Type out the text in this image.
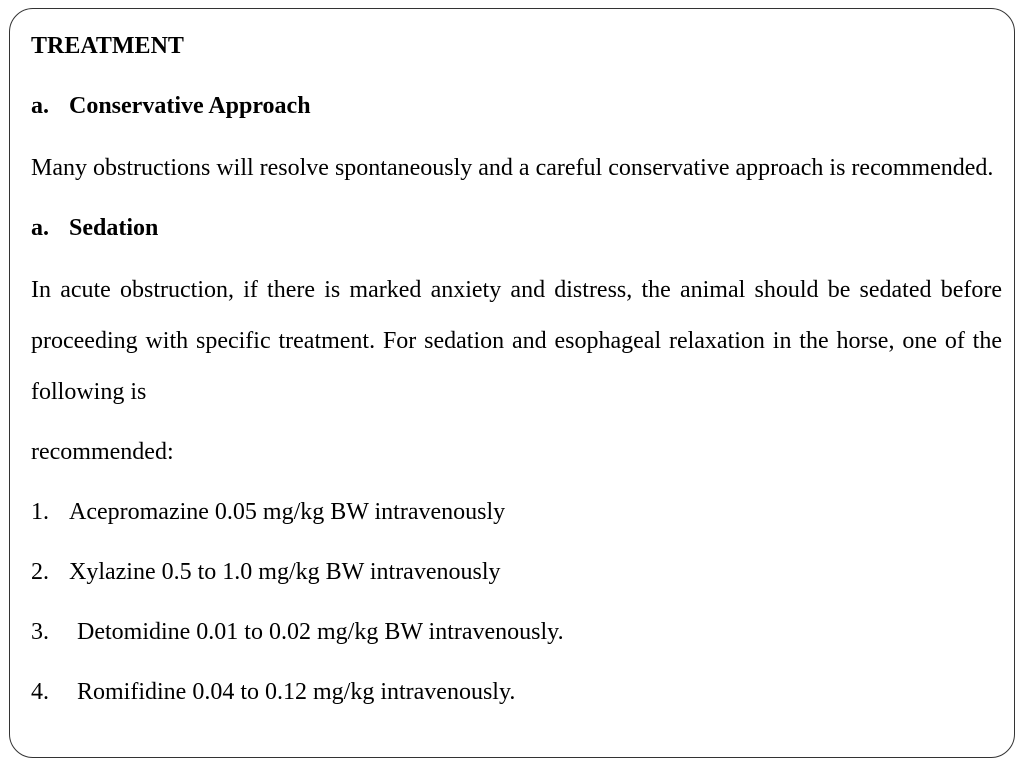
TREATMENT
a. Conservative Approach
Many obstructions will resolve spontaneously and a careful conservative approach is recommended.
a. Sedation
In acute obstruction, if there is marked anxiety and distress, the animal should be sedated before proceeding with specific treatment. For sedation and esophageal relaxation in the horse, one of the following is
recommended:
1. Acepromazine 0.05 mg/kg BW intravenously
2. Xylazine 0.5 to 1.0 mg/kg BW intravenously
3. Detomidine 0.01 to 0.02 mg/kg BW intravenously.
4. Romifidine 0.04 to 0.12 mg/kg intravenously.
